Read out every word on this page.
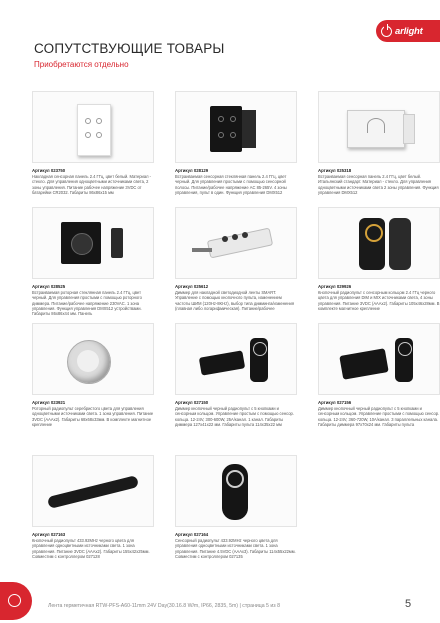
arlight
СОПУТСТВУЮЩИЕ ТОВАРЫ
Приобретаются отдельно
Артикул 023750
Накладная сенсорная панель 2.4 ГГц, цвет белый. Материал - стекло. Для управления одноцветными источниками света, 2 зоны управления. Питание рабочее напряжение 3VDC от батарейки CR2032. Габариты 86x86x15 мм
Артикул 028129
Встраиваемая сенсорная стеклянная панель 2.4 ГГц, цвет черный. Для управления простыми с помощью сенсорной полосы. Питание/рабочее напряжение AC 85-265V. 4 зоны управления, пульт в один. Функция управления DMX512
Артикул 025318
Встраиваемая сенсорная панель 2.4 ГГц, цвет белый. Итальянский стандарт. Материал - стекло. Для управления одноцветными источниками света 2 зоны управления. Функция управления DMX512
Артикул 028525
Встраиваемая роторная стеклянная панель 2.4 ГГц, цвет черный. Для управления простыми с помощью роторного диммера. Питание/рабочее напряжение 230VAC. 1 зона управления. Функция управления DMX512 устройствами. Габариты 86x86x44 мм. Панель
Артикул 025612
Диммер для накладной светодиодной ленты SMART. Управление с помощью кнопочного пульта, изменением частоты ШИМ (120Hz-8KHz), выбор типа димминга/изменения (плавная либо логарифмическая). Питание/рабочее
Артикул 029926
Кнопочный радиопульт с сенсорным кольцом 2.4 ГГц черного цвета для управления DIM и MIX источниками света, 4 зоны управления. Питание 3VDC (AAAx2). Габариты 105x46x28мм. В комплекте магнитное крепление
Артикул 023921
Роторный радиопульт серебристого цвета для управления одноцветными источниками света. 1 зона управления. Питание 3VDC (AAAx2). Габариты 68x68x33мм. В комплекте магнитное крепление
Артикул 027150
Диммер кнопочный черный радиопульт с 5 кнопками и сенсорным кольцом. Управление простым с помощью сенсор. кольца. 12-24V, 300-600W, 25A/канал. 1 канал. Габариты диммера 127x41x22 мм. Габариты пульта 114x35x22 мм
Артикул 027156
Диммер кнопочный черный радиопульт с 5 кнопками и сенсорным кольцом. Управление простыми с помощью сенсор. кольца. 12-24V, 360-720W, 10A/канал. 3 параллельных канала. Габариты диммера 97x70x24 мм. Габариты пульта
Артикул 027163
Кнопочный радиопульт 433.92MHz черного цвета для управления одноцветными источниками света. 1 зона управления. Питание 3VDC (AAAx2). Габариты 155x42x25мм. Совместим с контроллером 027128
Артикул 027164
Сенсорный радиопульт 433.92MHz черного цвета для управления одноцветными источниками света. 1 зона управления. Питание 4.5VDC (AAAx3). Габариты 114x55x22мм. Совместим с контроллером 027135
Лента герметичная RTW-PFS-A60-11mm 24V Day(30.16.8 W/m, IP66, 2835, 5m) | страница 5 из 8	5
